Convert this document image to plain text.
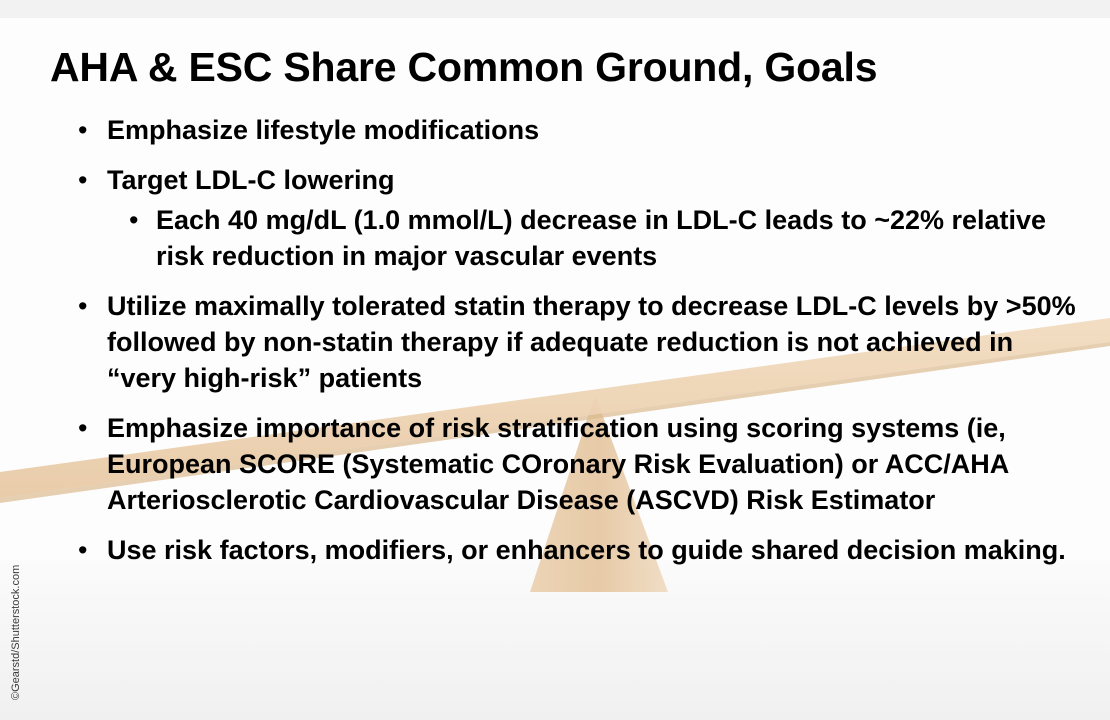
AHA & ESC Share Common Ground, Goals
• Emphasize lifestyle modifications
• Target LDL-C lowering
• Each 40 mg/dL (1.0 mmol/L) decrease in LDL-C leads to ~22% relative risk reduction in major vascular events
• Utilize maximally tolerated statin therapy to decrease LDL-C levels by >50% followed by non-statin therapy if adequate reduction is not achieved in “very high-risk” patients
• Emphasize importance of risk stratification using scoring systems (ie, European SCORE (Systematic COronary Risk Evaluation) or ACC/AHA Arteriosclerotic Cardiovascular Disease (ASCVD) Risk Estimator
• Use risk factors, modifiers, or enhancers to guide shared decision making.
©Gearstd/Shutterstock.com
